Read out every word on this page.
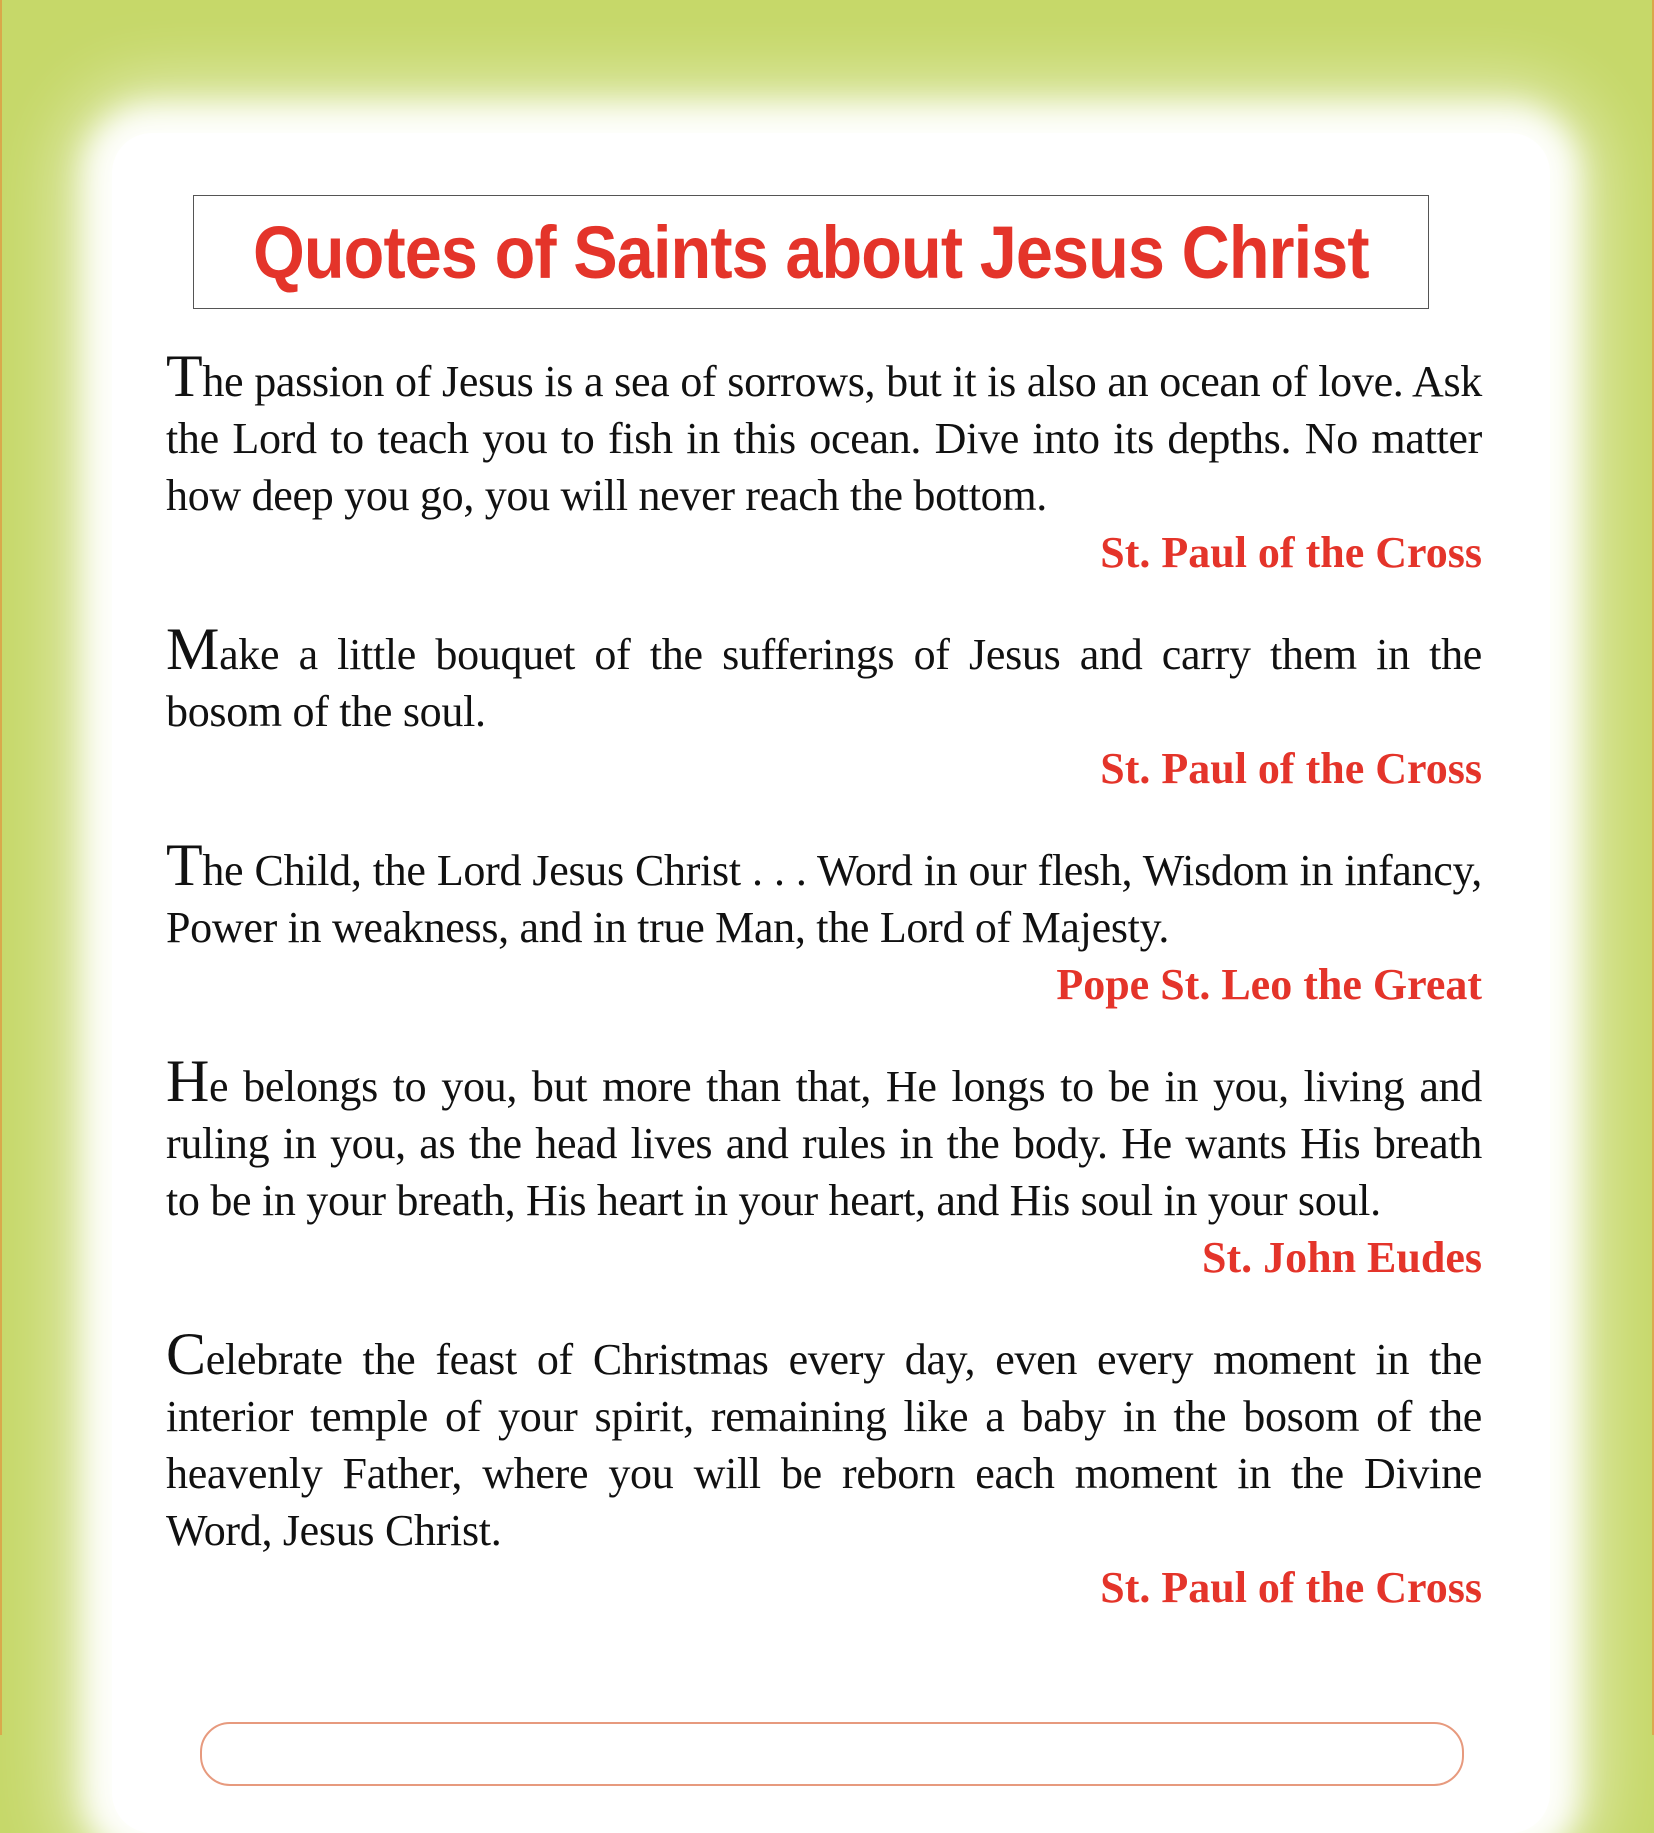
Quotes of Saints about Jesus Christ

The passion of Jesus is a sea of sorrows, but it is also an ocean of love. Ask the Lord to teach you to fish in this ocean. Dive into its depths. No matter how deep you go, you will never reach the bottom.

St. Paul of the Cross

Make a little bouquet of the sufferings of Jesus and carry them in the bosom of the soul.

St. Paul of the Cross

The Child, the Lord Jesus Christ . . . Word in our flesh, Wisdom in infancy, Power in weakness, and in true Man, the Lord of Majesty.

Pope St. Leo the Great

He belongs to you, but more than that, He longs to be in you, living and ruling in you, as the head lives and rules in the body. He wants His breath to be in your breath, His heart in your heart, and His soul in your soul.

St. John Eudes

Celebrate the feast of Christmas every day, even every moment in the interior temple of your spirit, remaining like a baby in the bosom of the heavenly Father, where you will be reborn each moment in the Divine Word, Jesus Christ.

St. Paul of the Cross
